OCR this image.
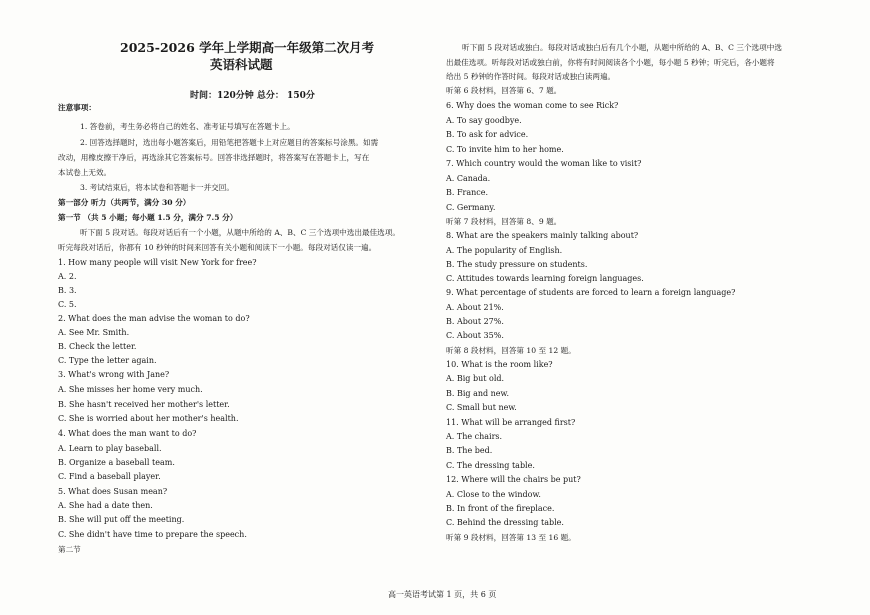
2025-2026 学年上学期高一年级第二次月考
英语科试题
时间：120分钟 总分： 150分
注意事项：
1. 答卷前，考生务必将自己的姓名、准考证号填写在答题卡上。
2. 回答选择题时，选出每小题答案后，用铅笔把答题卡上对应题目的答案标号涂黑。如需
改动，用橡皮擦干净后，再选涂其它答案标号。回答非选择题时，将答案写在答题卡上，写在
本试卷上无效。
3. 考试结束后，将本试卷和答题卡一并交回。
第一部分 听力（共两节，满分 30 分）
第一节 （共 5 小题；每小题 1.5 分，满分 7.5 分）
听下面 5 段对话。每段对话后有一个小题，从题中所给的 A、B、C 三个选项中选出最佳选项。
听完每段对话后，你都有 10 秒钟的时间来回答有关小题和阅读下一小题。每段对话仅读一遍。
1. How many people will visit New York for free?
A. 2.
B. 3.
C. 5.
2. What does the man advise the woman to do?
A. See Mr. Smith.
B. Check the letter.
C. Type the letter again.
3. What's wrong with Jane?
A. She misses her home very much.
B. She hasn't received her mother's letter.
C. She is worried about her mother's health.
4. What does the man want to do?
A. Learn to play baseball.
B. Organize a baseball team.
C. Find a baseball player.
5. What does Susan mean?
A. She had a date then.
B. She will put off the meeting.
C. She didn't have time to prepare the speech.
第二节
听下面 5 段对话或独白。每段对话或独白后有几个小题，从题中所给的 A、B、C 三个选项中选
出最佳选项。听每段对话或独白前，你将有时间阅读各个小题，每小题 5 秒钟；听完后，各小题将
给出 5 秒钟的作答时间。每段对话或独白读两遍。
听第 6 段材料，回答第 6、7 题。
6. Why does the woman come to see Rick?
A. To say goodbye.
B. To ask for advice.
C. To invite him to her home.
7. Which country would the woman like to visit?
A. Canada.
B. France.
C. Germany.
听第 7 段材料，回答第 8、9 题。
8. What are the speakers mainly talking about?
A. The popularity of English.
B. The study pressure on students.
C. Attitudes towards learning foreign languages.
9. What percentage of students are forced to learn a foreign language?
A. About 21%.
B. About 27%.
C. About 35%.
听第 8 段材料，回答第 10 至 12 题。
10. What is the room like?
A. Big but old.
B. Big and new.
C. Small but new.
11. What will be arranged first?
A. The chairs.
B. The bed.
C. The dressing table.
12. Where will the chairs be put?
A. Close to the window.
B. In front of the fireplace.
C. Behind the dressing table.
听第 9 段材料，回答第 13 至 16 题。
高一英语考试第 1 页，共 6 页
